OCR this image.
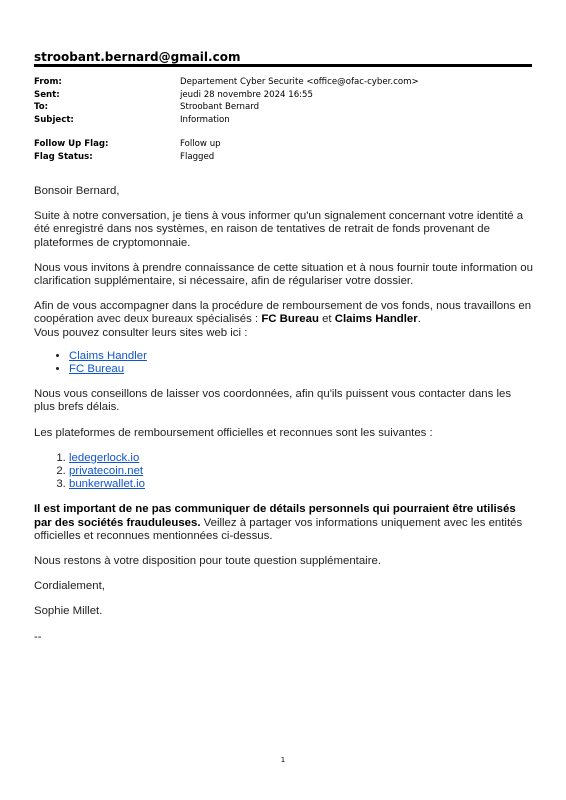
stroobant.bernard@gmail.com
From:	Departement Cyber Securite <office@ofac-cyber.com>
Sent:	jeudi 28 novembre 2024 16:55
To:	Stroobant Bernard
Subject:	Information
Follow Up Flag:	Follow up
Flag Status:	Flagged

Bonsoir Bernard,

Suite à notre conversation, je tiens à vous informer qu'un signalement concernant votre identité a été enregistré dans nos systèmes, en raison de tentatives de retrait de fonds provenant de plateformes de cryptomonnaie.

Nous vous invitons à prendre connaissance de cette situation et à nous fournir toute information ou clarification supplémentaire, si nécessaire, afin de régulariser votre dossier.

Afin de vous accompagner dans la procédure de remboursement de vos fonds, nous travaillons en coopération avec deux bureaux spécialisés : FC Bureau et Claims Handler.
Vous pouvez consulter leurs sites web ici :

• Claims Handler
• FC Bureau

Nous vous conseillons de laisser vos coordonnées, afin qu'ils puissent vous contacter dans les plus brefs délais.

Les plateformes de remboursement officielles et reconnues sont les suivantes :

1. ledegerlock.io
2. privatecoin.net
3. bunkerwallet.io

Il est important de ne pas communiquer de détails personnels qui pourraient être utilisés par des sociétés frauduleuses. Veillez à partager vos informations uniquement avec les entités officielles et reconnues mentionnées ci-dessus.

Nous restons à votre disposition pour toute question supplémentaire.

Cordialement,

Sophie Millet.

--

1
